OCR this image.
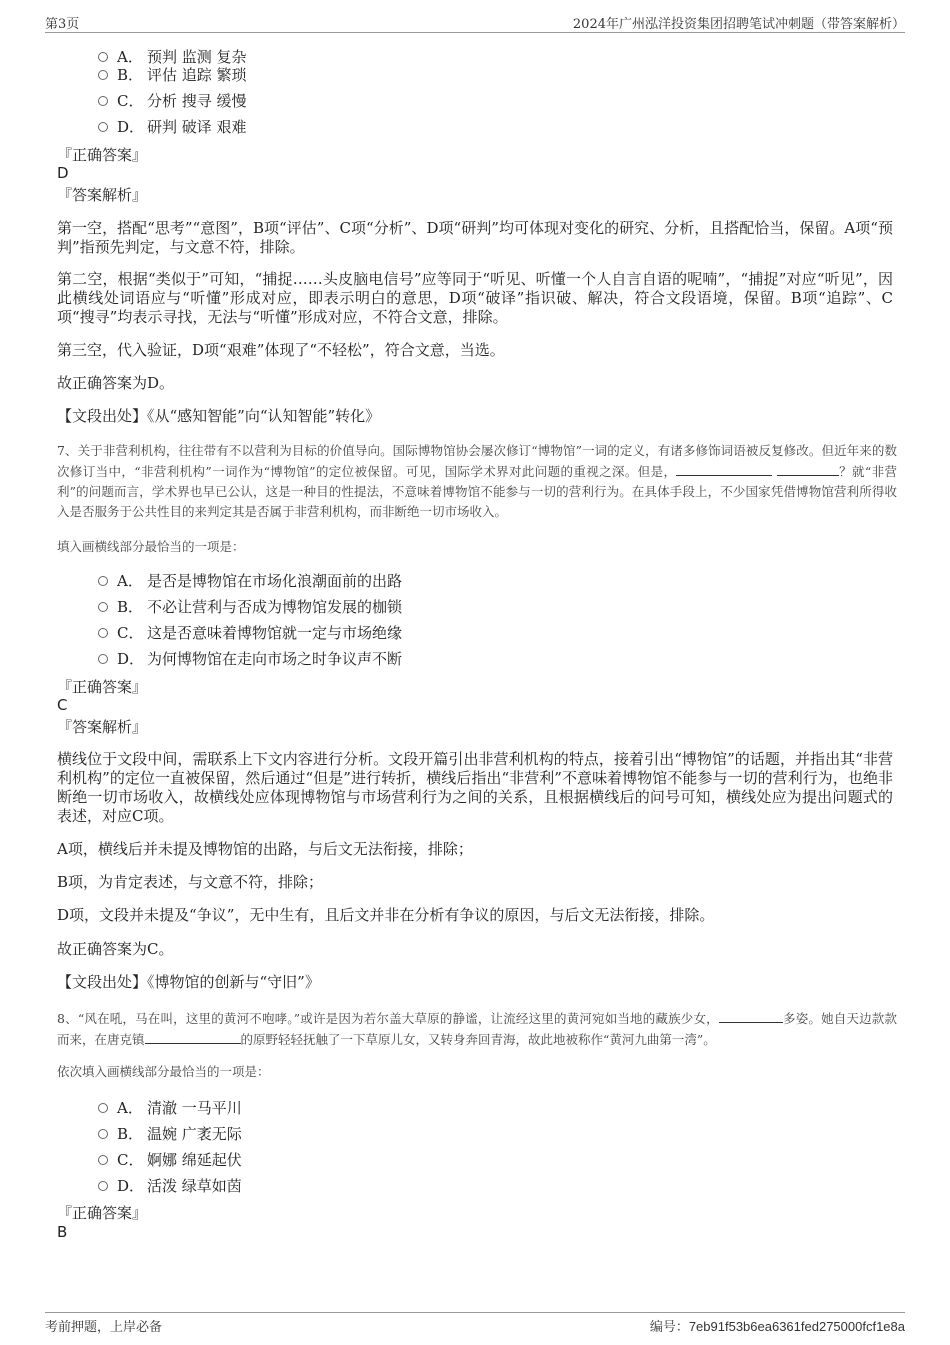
第3页	2024年广州泓洋投资集团招聘笔试冲刺题（带答案解析）
A． 预判 监测 复杂
B． 评估 追踪 繁琐
C． 分析 搜寻 缓慢
D． 研判 破译 艰难
『正确答案』
D
『答案解析』

第一空，搭配“思考”“意图”，B项“评估”、C项“分析”、D项“研判”均可体现对变化的研究、分析，且搭配恰当，保留。A项“预判”指预先判定，与文意不符，排除。

第二空，根据“类似于”可知，“捕捉……头皮脑电信号”应等同于“听见、听懂一个人自言自语的呢喃”，“捕捉”对应“听见”，因此横线处词语应与“听懂”形成对应，即表示明白的意思，D项“破译”指识破、解决，符合文段语境，保留。B项“追踪”、C项“搜寻”均表示寻找，无法与“听懂”形成对应，不符合文意，排除。

第三空，代入验证，D项“艰难”体现了“不轻松”，符合文意，当选。

故正确答案为D。

【文段出处】《从“感知智能”向“认知智能”转化》

7、关于非营利机构，往往带有不以营利为目标的价值导向。国际博物馆协会屡次修订“博物馆”一词的定义，有诸多修饰词语被反复修改。但近年来的数次修订当中，“非营利机构”一词作为“博物馆”的定位被保留。可见，国际学术界对此问题的重视之深。但是，	？就“非营利”的问题而言，学术界也早已公认，这是一种目的性提法，不意味着博物馆不能参与一切的营利行为。在具体手段上，不少国家凭借博物馆营利所得收入是否服务于公共性目的来判定其是否属于非营利机构，而非断绝一切市场收入。

填入画横线部分最恰当的一项是：
A． 是否是博物馆在市场化浪潮面前的出路
B． 不必让营利与否成为博物馆发展的枷锁
C． 这是否意味着博物馆就一定与市场绝缘
D． 为何博物馆在走向市场之时争议声不断
『正确答案』
C
『答案解析』

横线位于文段中间，需联系上下文内容进行分析。文段开篇引出非营利机构的特点，接着引出“博物馆”的话题，并指出其“非营利机构”的定位一直被保留，然后通过“但是”进行转折，横线后指出“非营利”不意味着博物馆不能参与一切的营利行为，也绝非断绝一切市场收入，故横线处应体现博物馆与市场营利行为之间的关系，且根据横线后的问号可知，横线处应为提出问题式的表述，对应C项。

A项，横线后并未提及博物馆的出路，与后文无法衔接，排除；

B项，为肯定表述，与文意不符，排除；

D项，文段并未提及“争议”，无中生有，且后文并非在分析有争议的原因，与后文无法衔接，排除。

故正确答案为C。

【文段出处】《博物馆的创新与“守旧”》

8、“风在吼，马在叫，这里的黄河不咆哮。”或许是因为若尔盖大草原的静谧，让流经这里的黄河宛如当地的藏族少女，	多姿。她自天边款款而来，在唐克镇	的原野轻轻抚触了一下草原儿女，又转身奔回青海，故此地被称作“黄河九曲第一湾”。

依次填入画横线部分最恰当的一项是：
A． 清澈 一马平川
B． 温婉 广袤无际
C． 婀娜 绵延起伏
D． 活泼 绿草如茵
『正确答案』
B
考前押题，上岸必备	编号：7eb91f53b6ea6361fed275000fcf1e8a
